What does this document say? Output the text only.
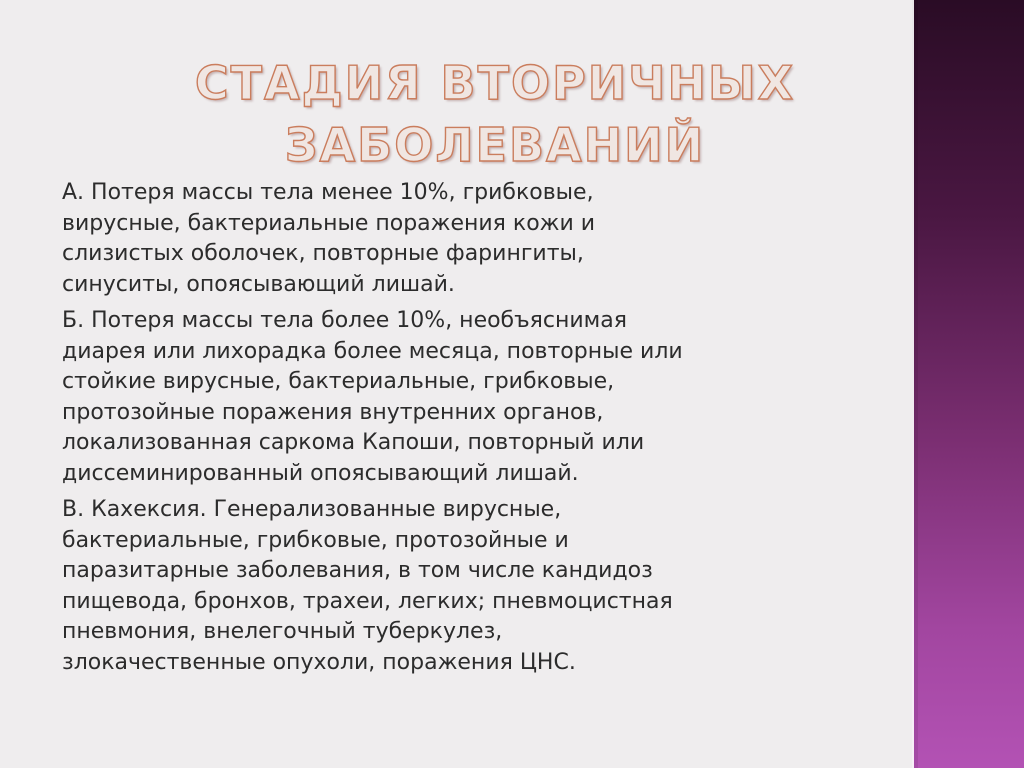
СТАДИЯ ВТОРИЧНЫХ
ЗАБОЛЕВАНИЙ

А. Потеря массы тела менее 10%, грибковые,
вирусные, бактериальные поражения кожи и
слизистых оболочек, повторные фарингиты,
синуситы, опоясывающий лишай.

Б. Потеря массы тела более 10%, необъяснимая
диарея или лихорадка более месяца, повторные или
стойкие вирусные, бактериальные, грибковые,
протозойные поражения внутренних органов,
локализованная саркома Капоши, повторный или
диссеминированный опоясывающий лишай.

В. Кахексия. Генерализованные вирусные,
бактериальные, грибковые, протозойные и
паразитарные заболевания, в том числе кандидоз
пищевода, бронхов, трахеи, легких; пневмоцистная
пневмония, внелегочный туберкулез,
злокачественные опухоли, поражения ЦНС.
